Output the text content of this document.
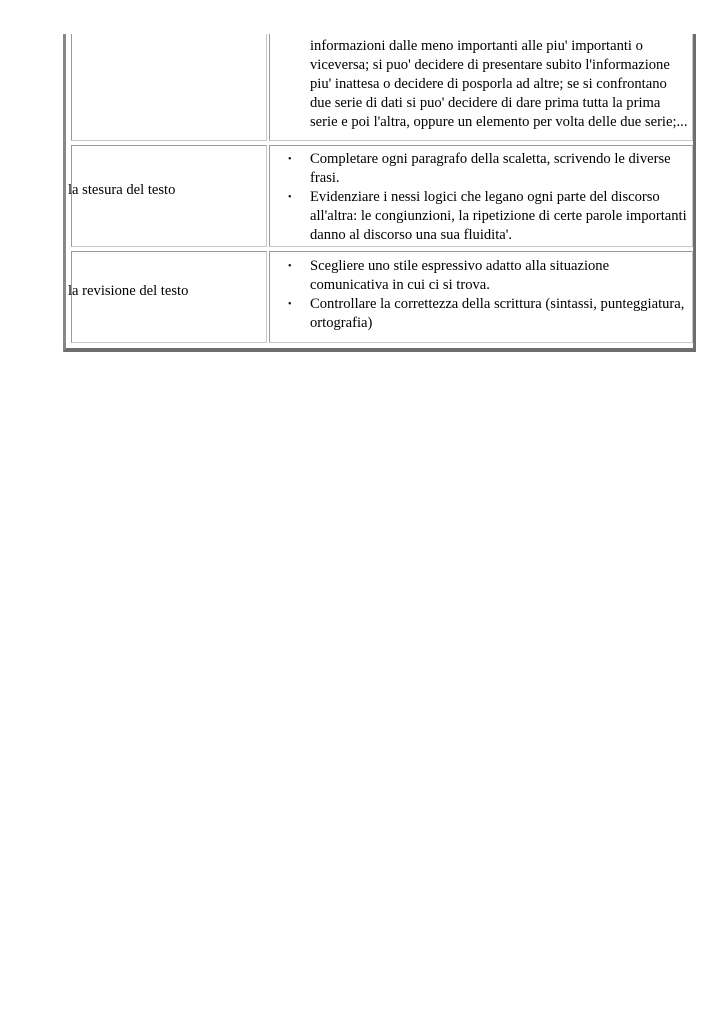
informazioni dalle meno importanti alle piu' importanti o
viceversa; si puo' decidere di presentare subito l'informazione
piu' inattesa o decidere di posporla ad altre; se si confrontano
due serie di dati si puo' decidere di dare prima tutta la prima
serie e poi l'altra, oppure un elemento per volta delle due serie;...
la stesura del testo
• Completare ogni paragrafo della scaletta, scrivendo le diverse
frasi.
• Evidenziare i nessi logici che legano ogni parte del discorso
all'altra: le congiunzioni, la ripetizione di certe parole importanti
danno al discorso una sua fluidita'.
la revisione del testo
• Scegliere uno stile espressivo adatto alla situazione
comunicativa in cui ci si trova.
• Controllare la correttezza della scrittura (sintassi, punteggiatura,
ortografia)
